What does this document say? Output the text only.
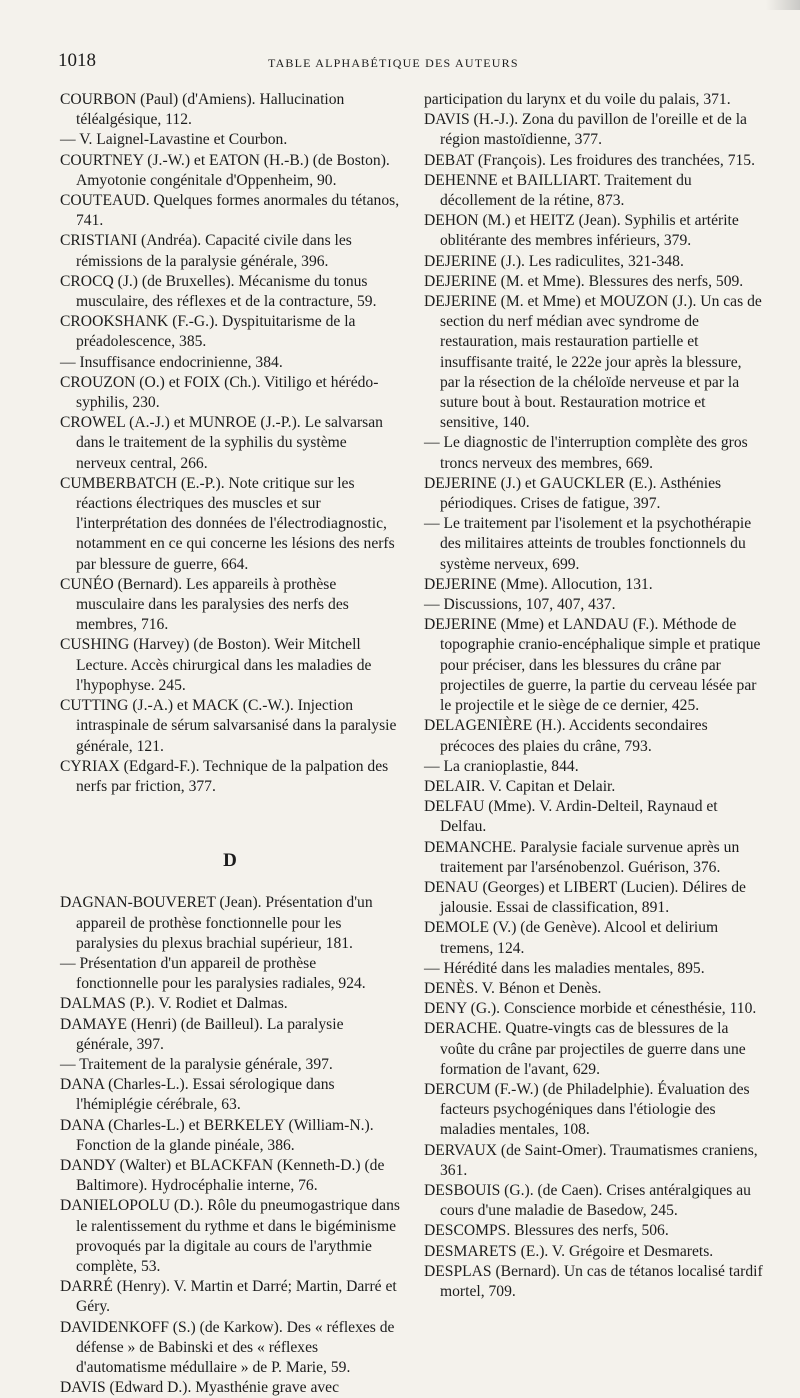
1018	TABLE ALPHABÉTIQUE DES AUTEURS

COURBON (Paul) (d'Amiens). Hallucination téléalgésique, 112.

— V. Laignel-Lavastine et Courbon.

COURTNEY (J.-W.) et EATON (H.-B.) (de Boston). Amyotonie congénitale d'Oppenheim, 90.

COUTEAUD. Quelques formes anormales du tétanos, 741.

CRISTIANI (Andréa). Capacité civile dans les rémissions de la paralysie générale, 396.

CROCQ (J.) (de Bruxelles). Mécanisme du tonus musculaire, des réflexes et de la contracture, 59.

CROOKSHANK (F.-G.). Dyspituitarisme de la préadolescence, 385.

— Insuffisance endocrinienne, 384.

CROUZON (O.) et FOIX (Ch.). Vitiligo et hérédo-syphilis, 230.

CROWEL (A.-J.) et MUNROE (J.-P.). Le salvarsan dans le traitement de la syphilis du système nerveux central, 266.

CUMBERBATCH (E.-P.). Note critique sur les réactions électriques des muscles et sur l'interprétation des données de l'électrodiagnostic, notamment en ce qui concerne les lésions des nerfs par blessure de guerre, 664.

CUNÉO (Bernard). Les appareils à prothèse musculaire dans les paralysies des nerfs des membres, 716.

CUSHING (Harvey) (de Boston). Weir Mitchell Lecture. Accès chirurgical dans les maladies de l'hypophyse. 245.

CUTTING (J.-A.) et MACK (C.-W.). Injection intraspinale de sérum salvarsanisé dans la paralysie générale, 121.

CYRIAX (Edgard-F.). Technique de la palpation des nerfs par friction, 377.

D

DAGNAN-BOUVERET (Jean). Présentation d'un appareil de prothèse fonctionnelle pour les paralysies du plexus brachial supérieur, 181.

— Présentation d'un appareil de prothèse fonctionnelle pour les paralysies radiales, 924.

DALMAS (P.). V. Rodiet et Dalmas.

DAMAYE (Henri) (de Bailleul). La paralysie générale, 397.

— Traitement de la paralysie générale, 397.

DANA (Charles-L.). Essai sérologique dans l'hémiplégie cérébrale, 63.

DANA (Charles-L.) et BERKELEY (William-N.). Fonction de la glande pinéale, 386.

DANDY (Walter) et BLACKFAN (Kenneth-D.) (de Baltimore). Hydrocéphalie interne, 76.

DANIELOPOLU (D.). Rôle du pneumogastrique dans le ralentissement du rythme et dans le bigéminisme provoqués par la digitale au cours de l'arythmie complète, 53.

DARRÉ (Henry). V. Martin et Darré; Martin, Darré et Géry.

DAVIDENKOFF (S.) (de Karkow). Des « réflexes de défense » de Babinski et des « réflexes d'automatisme médullaire » de P. Marie, 59.

DAVIS (Edward D.). Myasthénie grave avec

participation du larynx et du voile du palais, 371.

DAVIS (H.-J.). Zona du pavillon de l'oreille et de la région mastoïdienne, 377.

DEBAT (François). Les froidures des tranchées, 715.

DEHENNE et BAILLIART. Traitement du décollement de la rétine, 873.

DEHON (M.) et HEITZ (Jean). Syphilis et artérite oblitérante des membres inférieurs, 379.

DEJERINE (J.). Les radiculites, 321-348.

DEJERINE (M. et Mme). Blessures des nerfs, 509.

DEJERINE (M. et Mme) et MOUZON (J.). Un cas de section du nerf médian avec syndrome de restauration, mais restauration partielle et insuffisante traité, le 222e jour après la blessure, par la résection de la chéloïde nerveuse et par la suture bout à bout. Restauration motrice et sensitive, 140.

— Le diagnostic de l'interruption complète des gros troncs nerveux des membres, 669.

DEJERINE (J.) et GAUCKLER (E.). Asthénies périodiques. Crises de fatigue, 397.

— Le traitement par l'isolement et la psychothérapie des militaires atteints de troubles fonctionnels du système nerveux, 699.

DEJERINE (Mme). Allocution, 131.

— Discussions, 107, 407, 437.

DEJERINE (Mme) et LANDAU (F.). Méthode de topographie cranio-encéphalique simple et pratique pour préciser, dans les blessures du crâne par projectiles de guerre, la partie du cerveau lésée par le projectile et le siège de ce dernier, 425.

DELAGENIÈRE (H.). Accidents secondaires précoces des plaies du crâne, 793.

— La cranioplastie, 844.

DELAIR. V. Capitan et Delair.

DELFAU (Mme). V. Ardin-Delteil, Raynaud et Delfau.

DEMANCHE. Paralysie faciale survenue après un traitement par l'arsénobenzol. Guérison, 376.

DENAU (Georges) et LIBERT (Lucien). Délires de jalousie. Essai de classification, 891.

DEMOLE (V.) (de Genève). Alcool et delirium tremens, 124.

— Hérédité dans les maladies mentales, 895.

DENÈS. V. Bénon et Denès.

DENY (G.). Conscience morbide et cénesthésie, 110.

DERACHE. Quatre-vingts cas de blessures de la voûte du crâne par projectiles de guerre dans une formation de l'avant, 629.

DERCUM (F.-W.) (de Philadelphie). Évaluation des facteurs psychogéniques dans l'étiologie des maladies mentales, 108.

DERVAUX (de Saint-Omer). Traumatismes craniens, 361.

DESBOUIS (G.). (de Caen). Crises antéralgiques au cours d'une maladie de Basedow, 245.

DESCOMPS. Blessures des nerfs, 506.

DESMARETS (E.). V. Grégoire et Desmarets.

DESPLAS (Bernard). Un cas de tétanos localisé tardif mortel, 709.
